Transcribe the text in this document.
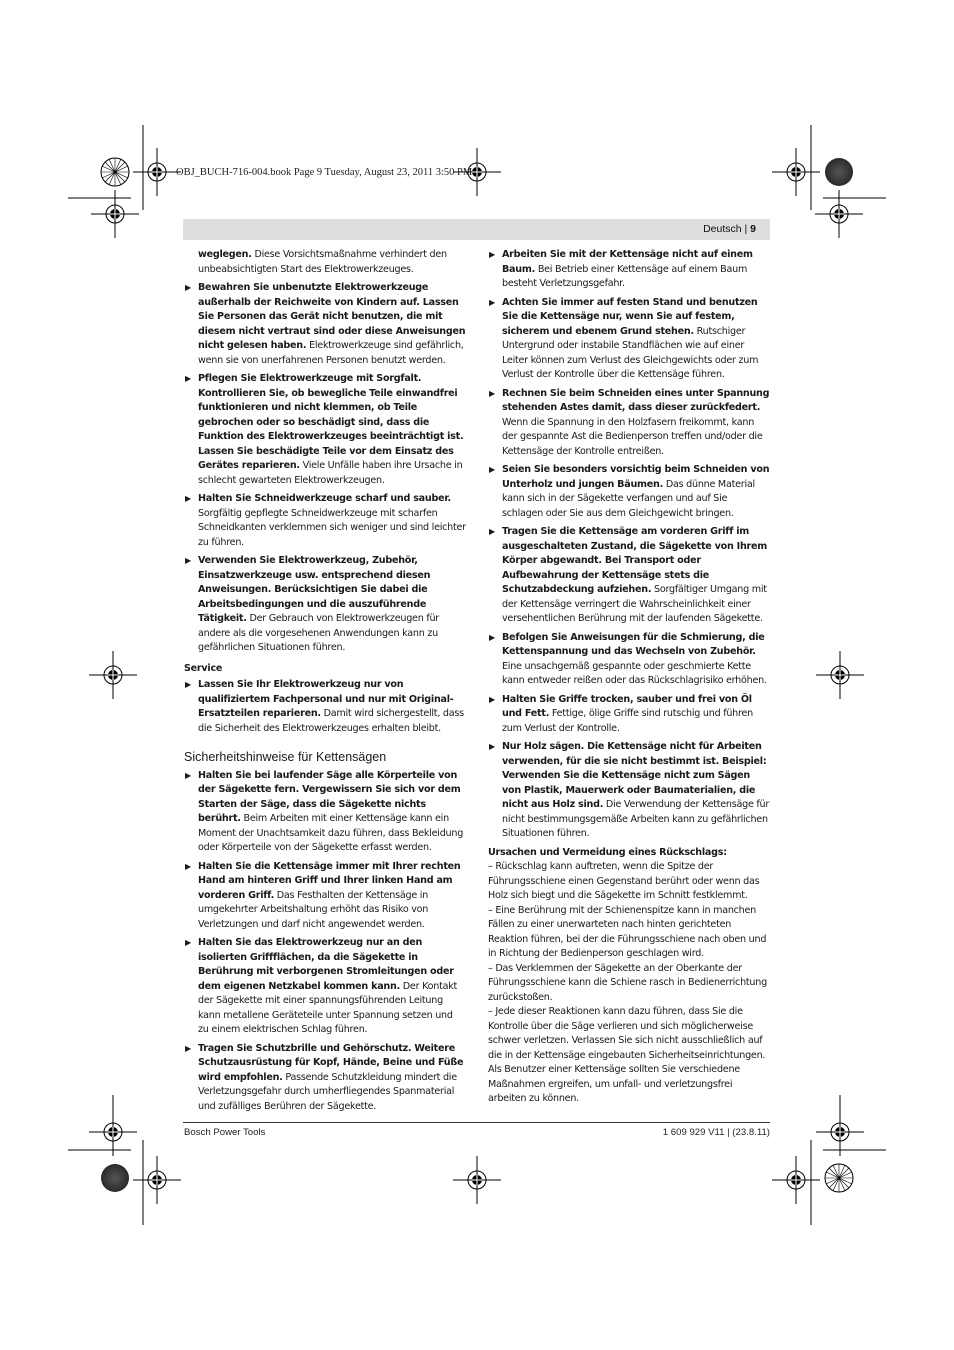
OBJ_BUCH-716-004.book Page 9 Tuesday, August 23, 2011 3:50 PM
Deutsch | 9
weglegen. Diese Vorsichtsmaßnahme verhindert den unbeabsichtigten Start des Elektrowerkzeuges.
▶ Bewahren Sie unbenutzte Elektrowerkzeuge außerhalb der Reichweite von Kindern auf. Lassen Sie Personen das Gerät nicht benutzen, die mit diesem nicht vertraut sind oder diese Anweisungen nicht gelesen haben. Elektrowerkzeuge sind gefährlich, wenn sie von unerfahrenen Personen benutzt werden.
▶ Pflegen Sie Elektrowerkzeuge mit Sorgfalt. Kontrollieren Sie, ob bewegliche Teile einwandfrei funktionieren und nicht klemmen, ob Teile gebrochen oder so beschädigt sind, dass die Funktion des Elektrowerkzeuges beeinträchtigt ist. Lassen Sie beschädigte Teile vor dem Einsatz des Gerätes reparieren. Viele Unfälle haben ihre Ursache in schlecht gewarteten Elektrowerkzeugen.
▶ Halten Sie Schneidwerkzeuge scharf und sauber. Sorgfältig gepflegte Schneidwerkzeuge mit scharfen Schneidkanten verklemmen sich weniger und sind leichter zu führen.
▶ Verwenden Sie Elektrowerkzeug, Zubehör, Einsatzwerkzeuge usw. entsprechend diesen Anweisungen. Berücksichtigen Sie dabei die Arbeitsbedingungen und die auszuführende Tätigkeit. Der Gebrauch von Elektrowerkzeugen für andere als die vorgesehenen Anwendungen kann zu gefährlichen Situationen führen.
Service
▶ Lassen Sie Ihr Elektrowerkzeug nur von qualifiziertem Fachpersonal und nur mit Original-Ersatzteilen reparieren. Damit wird sichergestellt, dass die Sicherheit des Elektrowerkzeuges erhalten bleibt.
Sicherheitshinweise für Kettensägen
▶ Halten Sie bei laufender Säge alle Körperteile von der Sägekette fern. Vergewissern Sie sich vor dem Starten der Säge, dass die Sägekette nichts berührt. Beim Arbeiten mit einer Kettensäge kann ein Moment der Unachtsamkeit dazu führen, dass Bekleidung oder Körperteile von der Sägekette erfasst werden.
▶ Halten Sie die Kettensäge immer mit Ihrer rechten Hand am hinteren Griff und Ihrer linken Hand am vorderen Griff. Das Festhalten der Kettensäge in umgekehrter Arbeitshaltung erhöht das Risiko von Verletzungen und darf nicht angewendet werden.
▶ Halten Sie das Elektrowerkzeug nur an den isolierten Griffflächen, da die Sägekette in Berührung mit verborgenen Stromleitungen oder dem eigenen Netzkabel kommen kann. Der Kontakt der Sägekette mit einer spannungsführenden Leitung kann metallene Geräteteile unter Spannung setzen und zu einem elektrischen Schlag führen.
▶ Tragen Sie Schutzbrille und Gehörschutz. Weitere Schutzausrüstung für Kopf, Hände, Beine und Füße wird empfohlen. Passende Schutzkleidung mindert die Verletzungsgefahr durch umherfliegendes Spanmaterial und zufälliges Berühren der Sägekette.
▶ Arbeiten Sie mit der Kettensäge nicht auf einem Baum. Bei Betrieb einer Kettensäge auf einem Baum besteht Verletzungsgefahr.
▶ Achten Sie immer auf festen Stand und benutzen Sie die Kettensäge nur, wenn Sie auf festem, sicherem und ebenem Grund stehen. Rutschiger Untergrund oder instabile Standflächen wie auf einer Leiter können zum Verlust des Gleichgewichts oder zum Verlust der Kontrolle über die Kettensäge führen.
▶ Rechnen Sie beim Schneiden eines unter Spannung stehenden Astes damit, dass dieser zurückfedert. Wenn die Spannung in den Holzfasern freikommt, kann der gespannte Ast die Bedienperson treffen und/oder die Kettensäge der Kontrolle entreißen.
▶ Seien Sie besonders vorsichtig beim Schneiden von Unterholz und jungen Bäumen. Das dünne Material kann sich in der Sägekette verfangen und auf Sie schlagen oder Sie aus dem Gleichgewicht bringen.
▶ Tragen Sie die Kettensäge am vorderen Griff im ausgeschalteten Zustand, die Sägekette von Ihrem Körper abgewandt. Bei Transport oder Aufbewahrung der Kettensäge stets die Schutzabdeckung aufziehen. Sorgfältiger Umgang mit der Kettensäge verringert die Wahrscheinlichkeit einer versehentlichen Berührung mit der laufenden Sägekette.
▶ Befolgen Sie Anweisungen für die Schmierung, die Kettenspannung und das Wechseln von Zubehör. Eine unsachgemäß gespannte oder geschmierte Kette kann entweder reißen oder das Rückschlagrisiko erhöhen.
▶ Halten Sie Griffe trocken, sauber und frei von Öl und Fett. Fettige, ölige Griffe sind rutschig und führen zum Verlust der Kontrolle.
▶ Nur Holz sägen. Die Kettensäge nicht für Arbeiten verwenden, für die sie nicht bestimmt ist. Beispiel: Verwenden Sie die Kettensäge nicht zum Sägen von Plastik, Mauerwerk oder Baumaterialien, die nicht aus Holz sind. Die Verwendung der Kettensäge für nicht bestimmungsgemäße Arbeiten kann zu gefährlichen Situationen führen.
Ursachen und Vermeidung eines Rückschlags:
– Rückschlag kann auftreten, wenn die Spitze der Führungsschiene einen Gegenstand berührt oder wenn das Holz sich biegt und die Sägekette im Schnitt festklemmt.
– Eine Berührung mit der Schienenspitze kann in manchen Fällen zu einer unerwarteten nach hinten gerichteten Reaktion führen, bei der die Führungsschiene nach oben und in Richtung der Bedienperson geschlagen wird.
– Das Verklemmen der Sägekette an der Oberkante der Führungsschiene kann die Schiene rasch in Bedienerrichtung zurückstoßen.
– Jede dieser Reaktionen kann dazu führen, dass Sie die Kontrolle über die Säge verlieren und sich möglicherweise schwer verletzen. Verlassen Sie sich nicht ausschließlich auf die in der Kettensäge eingebauten Sicherheitseinrichtungen. Als Benutzer einer Kettensäge sollten Sie verschiedene Maßnahmen ergreifen, um unfall- und verletzungsfrei arbeiten zu können.
Bosch Power Tools	1 609 929 V11 | (23.8.11)
